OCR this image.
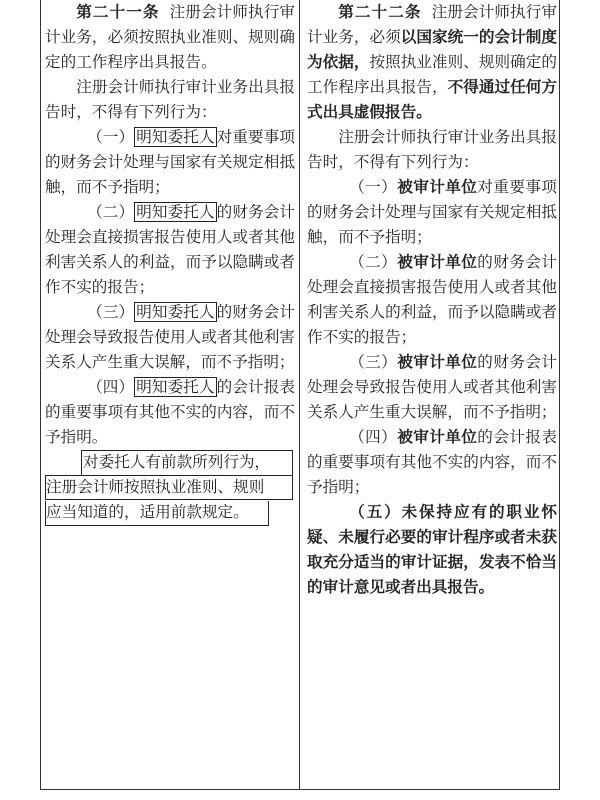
第二十一条 注册会计师执行审计业务，必须按照执业准则、规则确定的工作程序出具报告。

注册会计师执行审计业务出具报告时，不得有下列行为：

（一） 明知委托人 对重要事项的财务会计处理与国家有关规定相抵触，而不予指明；

（二） 明知委托人 的财务会计处理会直接损害报告使用人或者其他利害关系人的利益，而予以隐瞒或者作不实的报告；

（三） 明知委托人 的财务会计处理会导致报告使用人或者其他利害关系人产生重大误解，而不予指明；

（四） 明知委托人 的会计报表的重要事项有其他不实的内容，而不予指明。

对委托人有前款所列行为，
注册会计师按照执业准则、规则
应当知道的，适用前款规定。

第二十二条 注册会计师执行审计业务，必须以国家统一的会计制度为依据，按照执业准则、规则确定的工作程序出具报告，不得通过任何方式出具虚假报告。

注册会计师执行审计业务出具报告时，不得有下列行为：

（一）被审计单位对重要事项的财务会计处理与国家有关规定相抵触，而不予指明；

（二）被审计单位的财务会计处理会直接损害报告使用人或者其他利害关系人的利益，而予以隐瞒或者作不实的报告；

（三）被审计单位的财务会计处理会导致报告使用人或者其他利害关系人产生重大误解，而不予指明；

（四）被审计单位的会计报表的重要事项有其他不实的内容，而不予指明；

（五）未保持应有的职业怀疑、未履行必要的审计程序或者未获取充分适当的审计证据，发表不恰当的审计意见或者出具报告。
